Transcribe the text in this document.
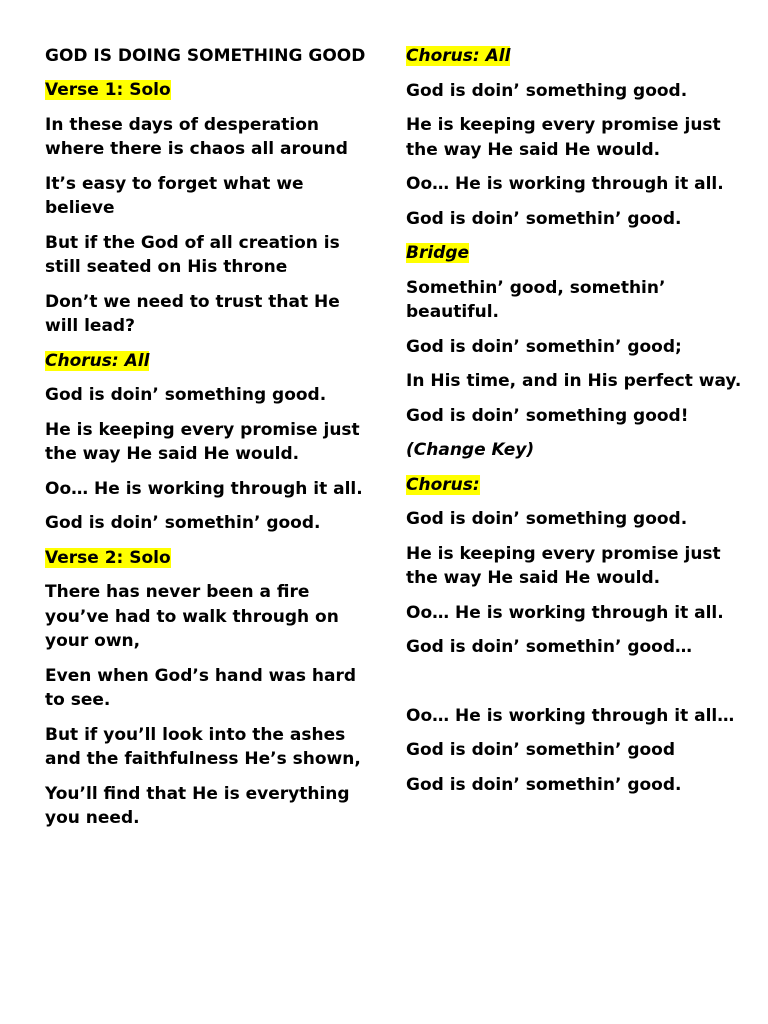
GOD IS DOING SOMETHING GOOD
Verse 1: Solo
In these days of desperation where there is chaos all around
It’s easy to forget what we believe
But if the God of all creation is still seated on His throne
Don’t we need to trust that He will lead?
Chorus: All
God is doin’ something good.
He is keeping every promise just the way He said He would.
Oo… He is working through it all.
God is doin’ somethin’ good.
Verse 2: Solo
There has never been a fire you’ve had to walk through on your own,
Even when God’s hand was hard to see.
But if you’ll look into the ashes and the faithfulness He’s shown,
You’ll find that He is everything you need.
Chorus: All
God is doin’ something good.
He is keeping every promise just the way He said He would.
Oo… He is working through it all.
God is doin’ somethin’ good.
Bridge
Somethin’ good, somethin’ beautiful.
God is doin’ somethin’ good;
In His time, and in His perfect way.
God is doin’ something good!
(Change Key)
Chorus:
God is doin’ something good.
He is keeping every promise just the way He said He would.
Oo… He is working through it all.
God is doin’ somethin’ good…
Oo… He is working through it all…
God is doin’ somethin’ good
God is doin’ somethin’ good.
